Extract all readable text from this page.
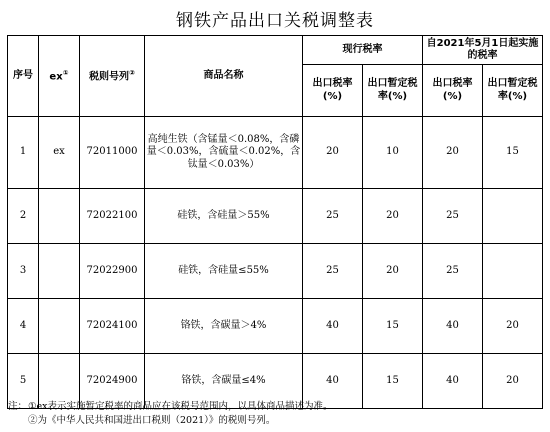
钢铁产品出口关税调整表
序号	ex①	税则号列②	商品名称	现行税率		自2021年5月1日起实施的税率	
				出口税率(%)	出口暂定税率(%)	出口税率(%)	出口暂定税率(%)
1	ex	72011000	高纯生铁（含锰量＜0.08%，含磷量＜0.03%，含硫量＜0.02%，含钛量＜0.03%）	20	10	20	15
2		72022100	硅铁，含硅量＞55%	25	20	25	
3		72022900	硅铁，含硅量≤55%	25	20	25	
4		72024100	铬铁，含碳量＞4%	40	15	40	20
5		72024900	铬铁，含碳量≤4%	40	15	40	20
注： ①ex表示实施暂定税率的商品应在该税号范围内，以具体商品描述为准。
②为《中华人民共和国进出口税则（2021）》的税则号列。
